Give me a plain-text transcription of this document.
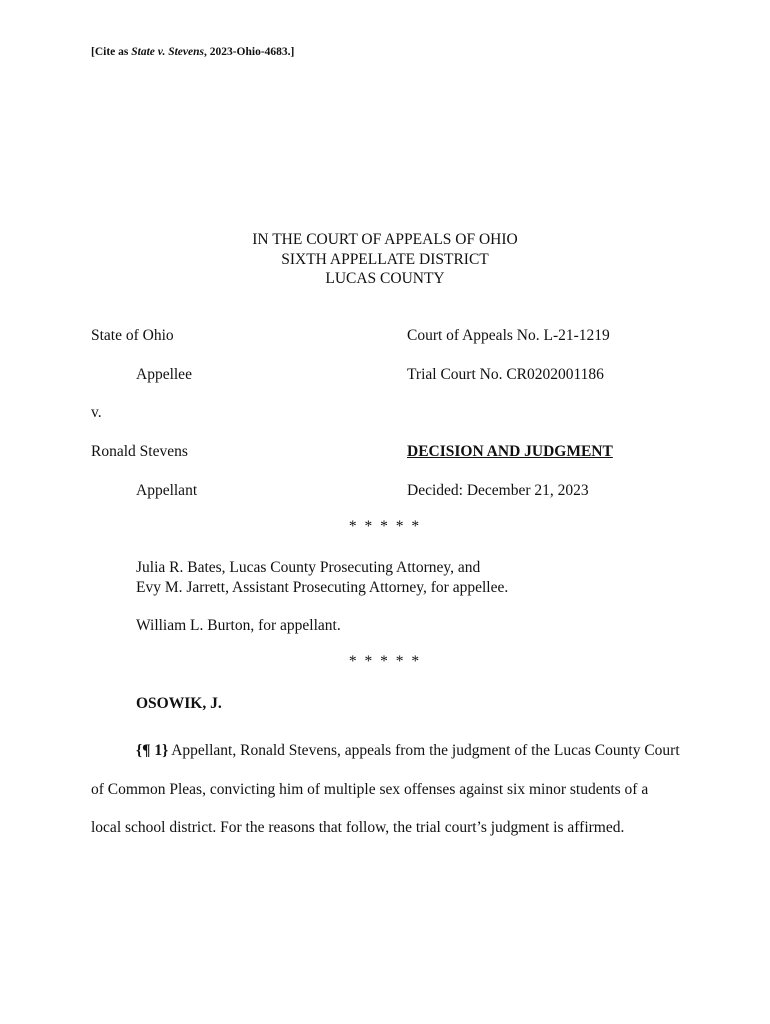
[Cite as State v. Stevens, 2023-Ohio-4683.]
IN THE COURT OF APPEALS OF OHIO
SIXTH APPELLATE DISTRICT
LUCAS COUNTY
State of Ohio	Court of Appeals No. L-21-1219
Appellee	Trial Court No. CR0202001186
v.
Ronald Stevens	DECISION AND JUDGMENT
Appellant	Decided: December 21, 2023
* * * * *
Julia R. Bates, Lucas County Prosecuting Attorney, and
Evy M. Jarrett, Assistant Prosecuting Attorney, for appellee.
William L. Burton, for appellant.
* * * * *
OSOWIK, J.
{¶ 1} Appellant, Ronald Stevens, appeals from the judgment of the Lucas County Court of Common Pleas, convicting him of multiple sex offenses against six minor students of a local school district. For the reasons that follow, the trial court’s judgment is affirmed.
